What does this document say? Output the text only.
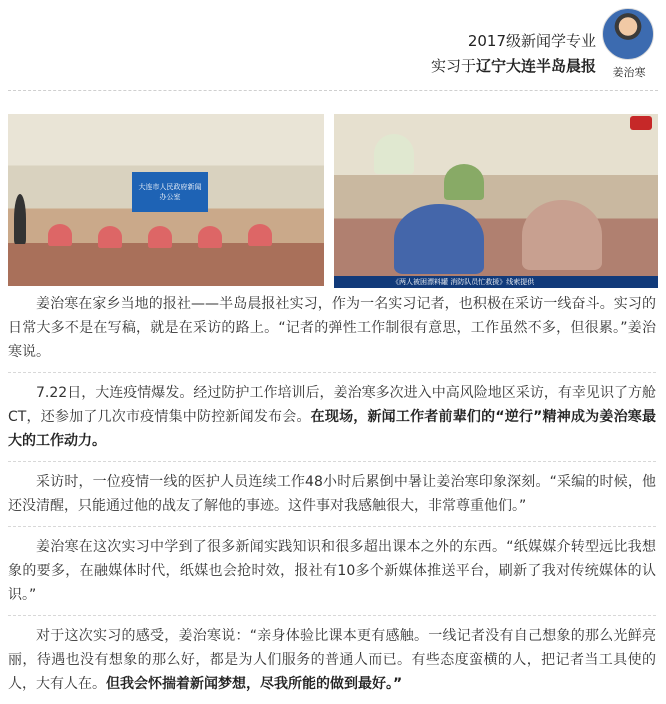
2017级新闻学专业
实习于辽宁大连半岛晨报	姜治寒
大连市人民政府新闻办公室
《两人被困漂料罐 消防队员忙救援》线索提供

姜治寒在家乡当地的报社——半岛晨报社实习，作为一名实习记者，也积极在采访一线奋斗。实习的日常大多不是在写稿，就是在采访的路上。“记者的弹性工作制很有意思，工作虽然不多，但很累。”姜治寒说。

7.22日，大连疫情爆发。经过防护工作培训后，姜治寒多次进入中高风险地区采访，有幸见识了方舱CT，还参加了几次市疫情集中防控新闻发布会。在现场，新闻工作者前辈们的“逆行”精神成为姜治寒最大的工作动力。

采访时，一位疫情一线的医护人员连续工作48小时后累倒中暑让姜治寒印象深刻。“采编的时候，他还没清醒，只能通过他的战友了解他的事迹。这件事对我感触很大，非常尊重他们。”

姜治寒在这次实习中学到了很多新闻实践知识和很多超出课本之外的东西。“纸媒媒介转型远比我想象的要多，在融媒体时代，纸媒也会抢时效，报社有10多个新媒体推送平台，刷新了我对传统媒体的认识。”

对于这次实习的感受，姜治寒说：“亲身体验比课本更有感触。一线记者没有自己想象的那么光鲜亮丽，待遇也没有想象的那么好，都是为人们服务的普通人而已。有些态度蛮横的人，把记者当工具使的人，大有人在。但我会怀揣着新闻梦想，尽我所能的做到最好。”
